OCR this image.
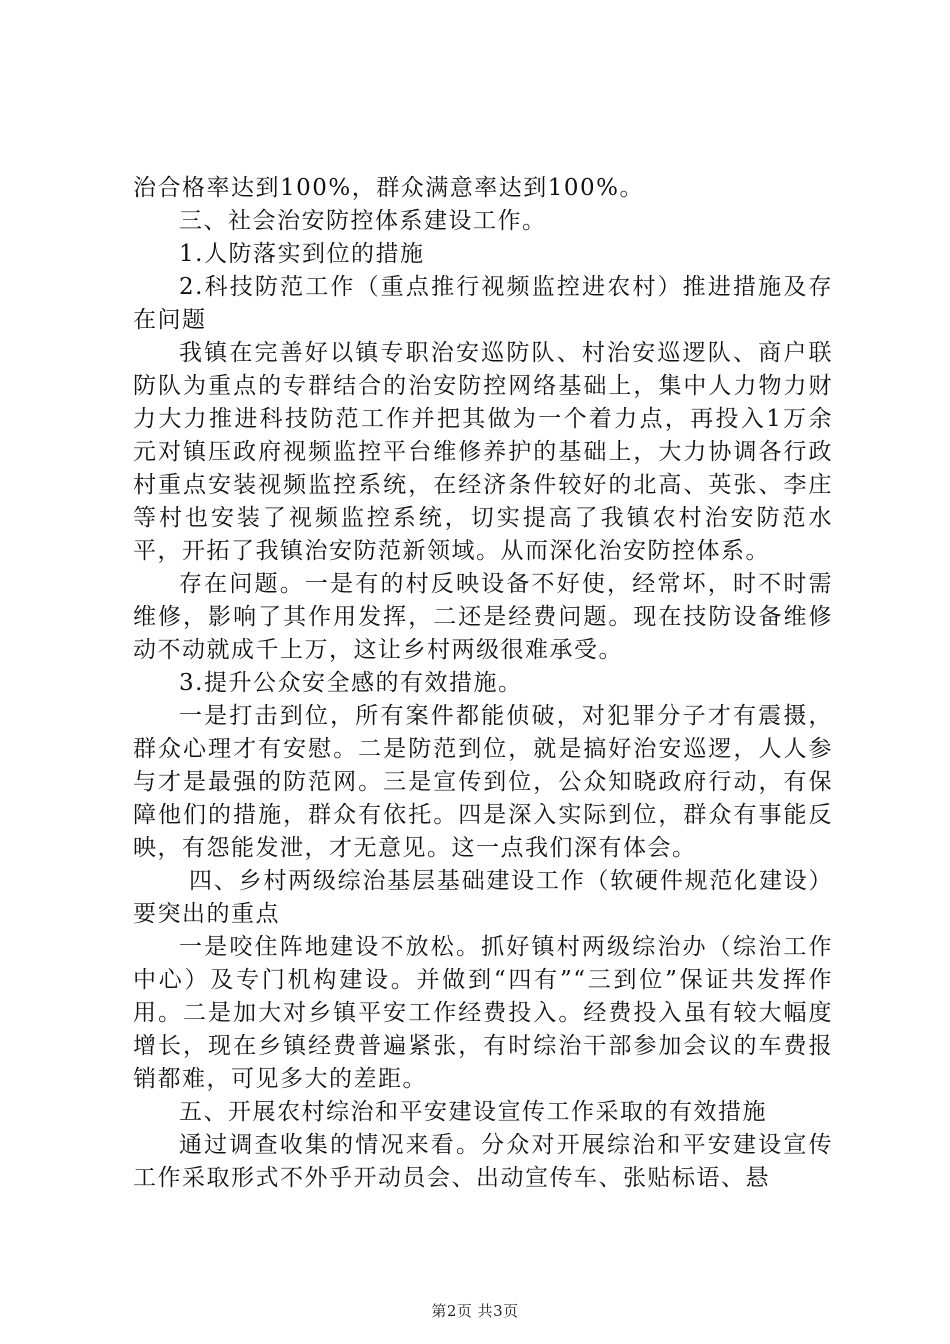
治合格率达到100%，群众满意率达到100%。

三、社会治安防控体系建设工作。

1.人防落实到位的措施

2.科技防范工作（重点推行视频监控进农村）推进措施及存在问题

我镇在完善好以镇专职治安巡防队、村治安巡逻队、商户联防队为重点的专群结合的治安防控网络基础上，集中人力物力财力大力推进科技防范工作并把其做为一个着力点，再投入1万余元对镇压政府视频监控平台维修养护的基础上，大力协调各行政村重点安装视频监控系统，在经济条件较好的北高、英张、李庄等村也安装了视频监控系统，切实提高了我镇农村治安防范水平，开拓了我镇治安防范新领域。从而深化治安防控体系。

存在问题。一是有的村反映设备不好使，经常坏，时不时需维修，影响了其作用发挥，二还是经费问题。现在技防设备维修动不动就成千上万，这让乡村两级很难承受。

3.提升公众安全感的有效措施。

一是打击到位，所有案件都能侦破，对犯罪分子才有震摄，群众心理才有安慰。二是防范到位，就是搞好治安巡逻，人人参与才是最强的防范网。三是宣传到位，公众知晓政府行动，有保障他们的措施，群众有依托。四是深入实际到位，群众有事能反映，有怨能发泄，才无意见。这一点我们深有体会。

四、乡村两级综治基层基础建设工作（软硬件规范化建设）要突出的重点

一是咬住阵地建设不放松。抓好镇村两级综治办（综治工作中心）及专门机构建设。并做到“四有”“三到位”保证共发挥作用。二是加大对乡镇平安工作经费投入。经费投入虽有较大幅度增长，现在乡镇经费普遍紧张，有时综治干部参加会议的车费报销都难，可见多大的差距。

五、开展农村综治和平安建设宣传工作采取的有效措施

通过调查收集的情况来看。分众对开展综治和平安建设宣传工作采取形式不外乎开动员会、出动宣传车、张贴标语、悬

第2页 共3页
